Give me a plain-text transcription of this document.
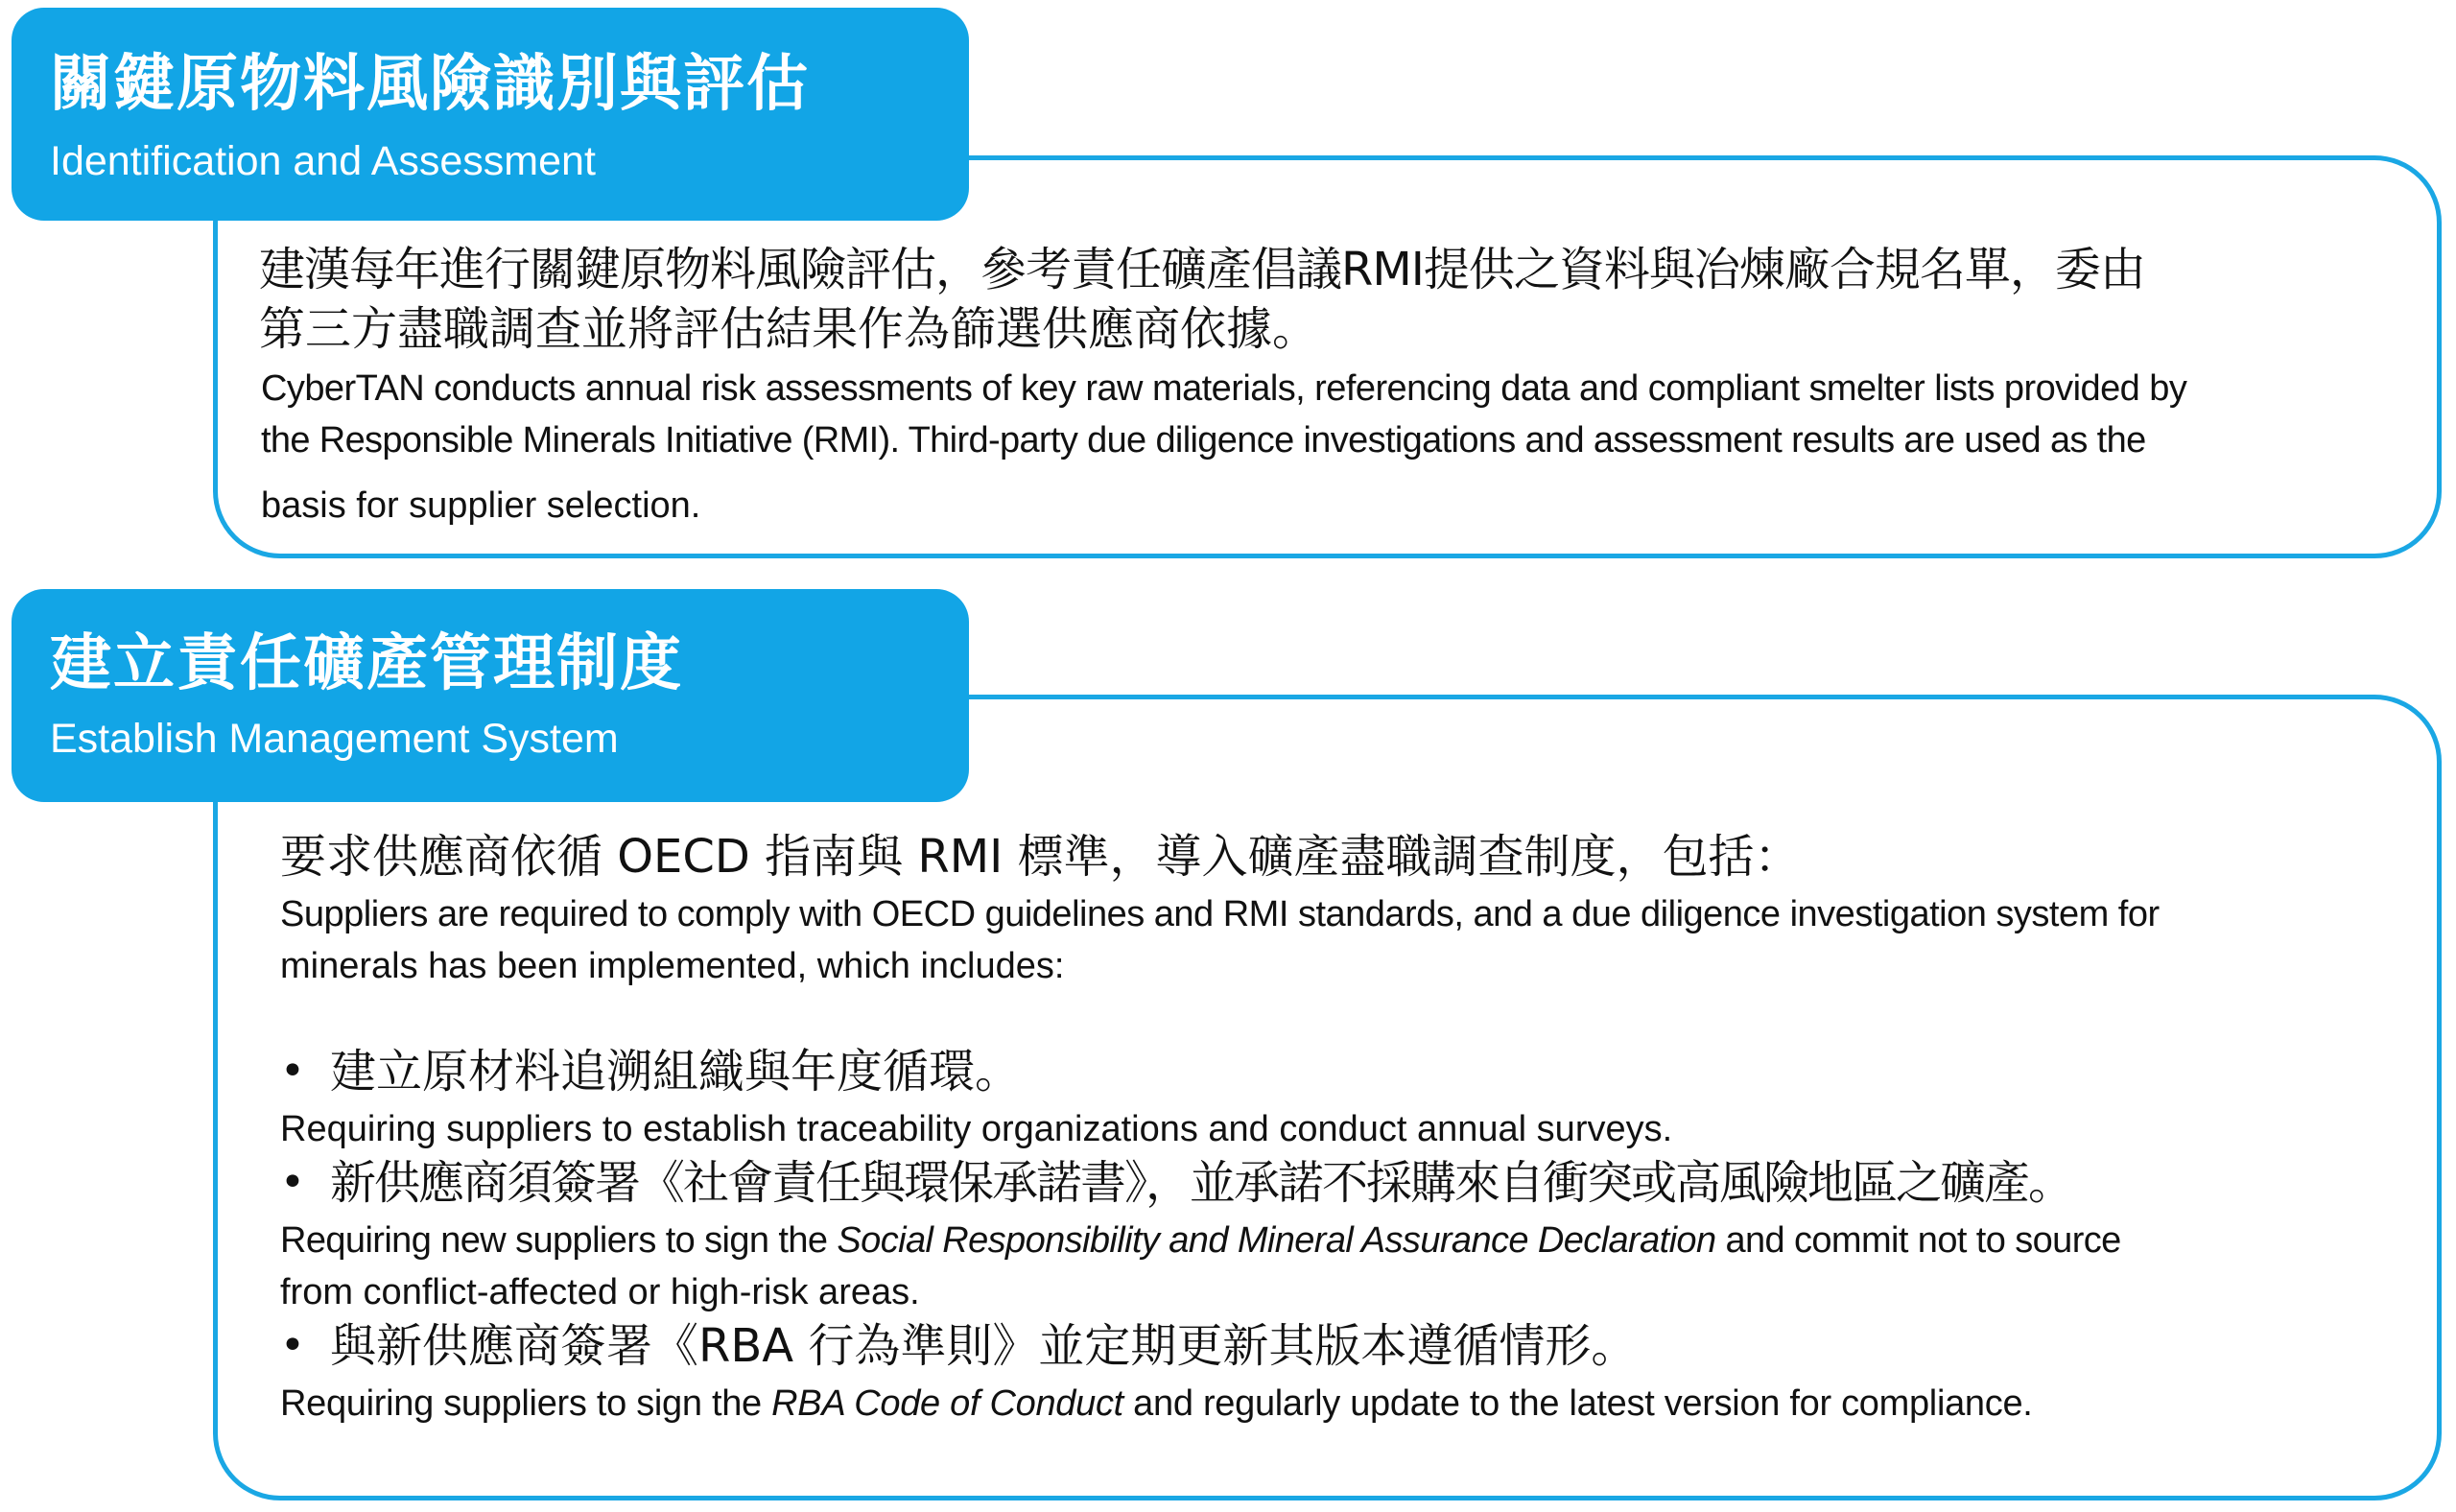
關鍵原物料風險識別與評估
Identification and Assessment
建漢每年進行關鍵原物料風險評估，參考責任礦產倡議RMI提供之資料與冶煉廠合規名單，委由
第三方盡職調查並將評估結果作為篩選供應商依據。
CyberTAN conducts annual risk assessments of key raw materials, referencing data and compliant smelter lists provided by
the Responsible Minerals Initiative (RMI). Third-party due diligence investigations and assessment results are used as the
basis for supplier selection.
建立責任礦產管理制度
Establish Management System
要求供應商依循 OECD 指南與 RMI 標準，導入礦產盡職調查制度，包括：
Suppliers are required to comply with OECD guidelines and RMI standards, and a due diligence investigation system for
minerals has been implemented, which includes:
• 建立原材料追溯組織與年度循環。
Requiring suppliers to establish traceability organizations and conduct annual surveys.
• 新供應商須簽署《社會責任與環保承諾書》，並承諾不採購來自衝突或高風險地區之礦產。
Requiring new suppliers to sign the Social Responsibility and Mineral Assurance Declaration and commit not to source
from conflict-affected or high-risk areas.
• 與新供應商簽署《RBA 行為準則》並定期更新其版本遵循情形。
Requiring suppliers to sign the RBA Code of Conduct and regularly update to the latest version for compliance.
